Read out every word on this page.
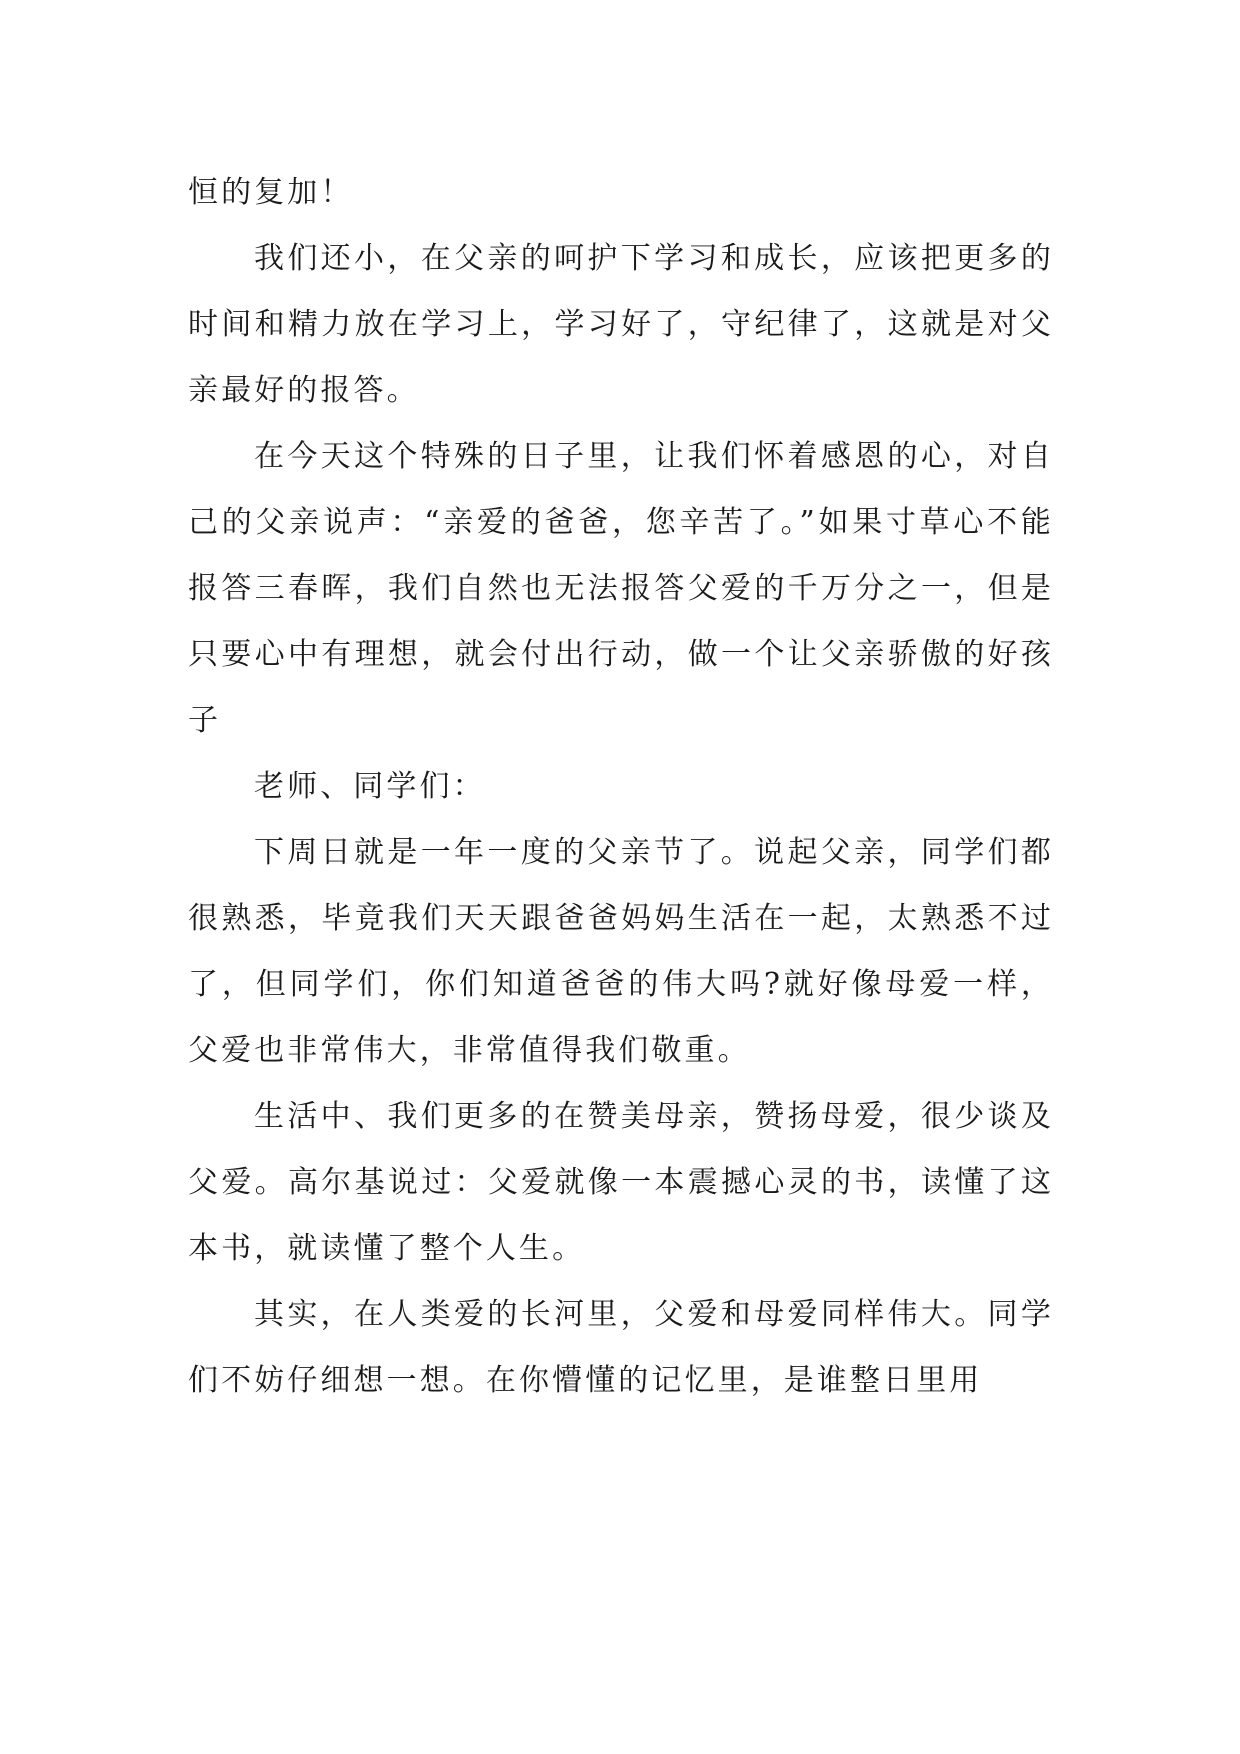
恒的复加！

我们还小，在父亲的呵护下学习和成长，应该把更多的时间和精力放在学习上，学习好了，守纪律了，这就是对父亲最好的报答。

在今天这个特殊的日子里，让我们怀着感恩的心，对自己的父亲说声：“亲爱的爸爸，您辛苦了。”如果寸草心不能报答三春晖，我们自然也无法报答父爱的千万分之一，但是只要心中有理想，就会付出行动，做一个让父亲骄傲的好孩子

老师、同学们：

下周日就是一年一度的父亲节了。说起父亲，同学们都很熟悉，毕竟我们天天跟爸爸妈妈生活在一起，太熟悉不过了，但同学们，你们知道爸爸的伟大吗?就好像母爱一样，父爱也非常伟大，非常值得我们敬重。

生活中、我们更多的在赞美母亲，赞扬母爱，很少谈及父爱。高尔基说过：父爱就像一本震撼心灵的书，读懂了这本书，就读懂了整个人生。

其实，在人类爱的长河里，父爱和母爱同样伟大。同学们不妨仔细想一想。在你懵懂的记忆里，是谁整日里用
